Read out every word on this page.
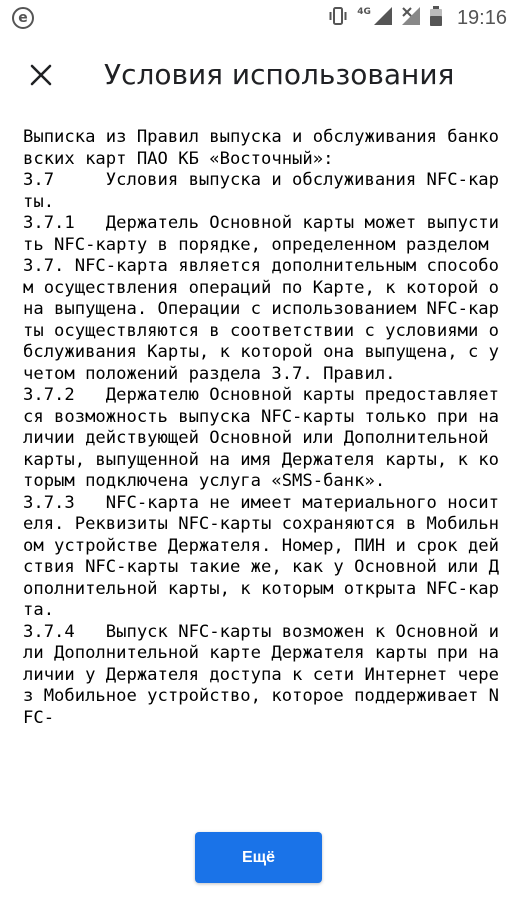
e	4G	19:16
Условия использования
Выписка из Правил выпуска и обслуживания банковских карт ПАО КБ «Восточный»:
3.7     Условия выпуска и обслуживания NFC-карты.
3.7.1   Держатель Основной карты может выпустить NFC-карту в порядке, определенном разделом 3.7. NFC-карта является дополнительным способом осуществления операций по Карте, к которой она выпущена. Операции с использованием NFC-карты осуществляются в соответствии с условиями обслуживания Карты, к которой она выпущена, с учетом положений раздела 3.7. Правил.
3.7.2   Держателю Основной карты предоставляется возможность выпуска NFC-карты только при наличии действующей Основной или Дополнительной карты, выпущенной на имя Держателя карты, к которым подключена услуга «SMS-банк».
3.7.3   NFC-карта не имеет материального носителя. Реквизиты NFC-карты сохраняются в Мобильном устройстве Держателя. Номер, ПИН и срок действия NFC-карты такие же, как у Основной или Дополнительной карты, к которым открыта NFC-карта.
3.7.4   Выпуск NFC-карты возможен к Основной или Дополнительной карте Держателя карты при наличии у Держателя доступа к сети Интернет через Мобильное устройство, которое поддерживает NFC-
Ещё
